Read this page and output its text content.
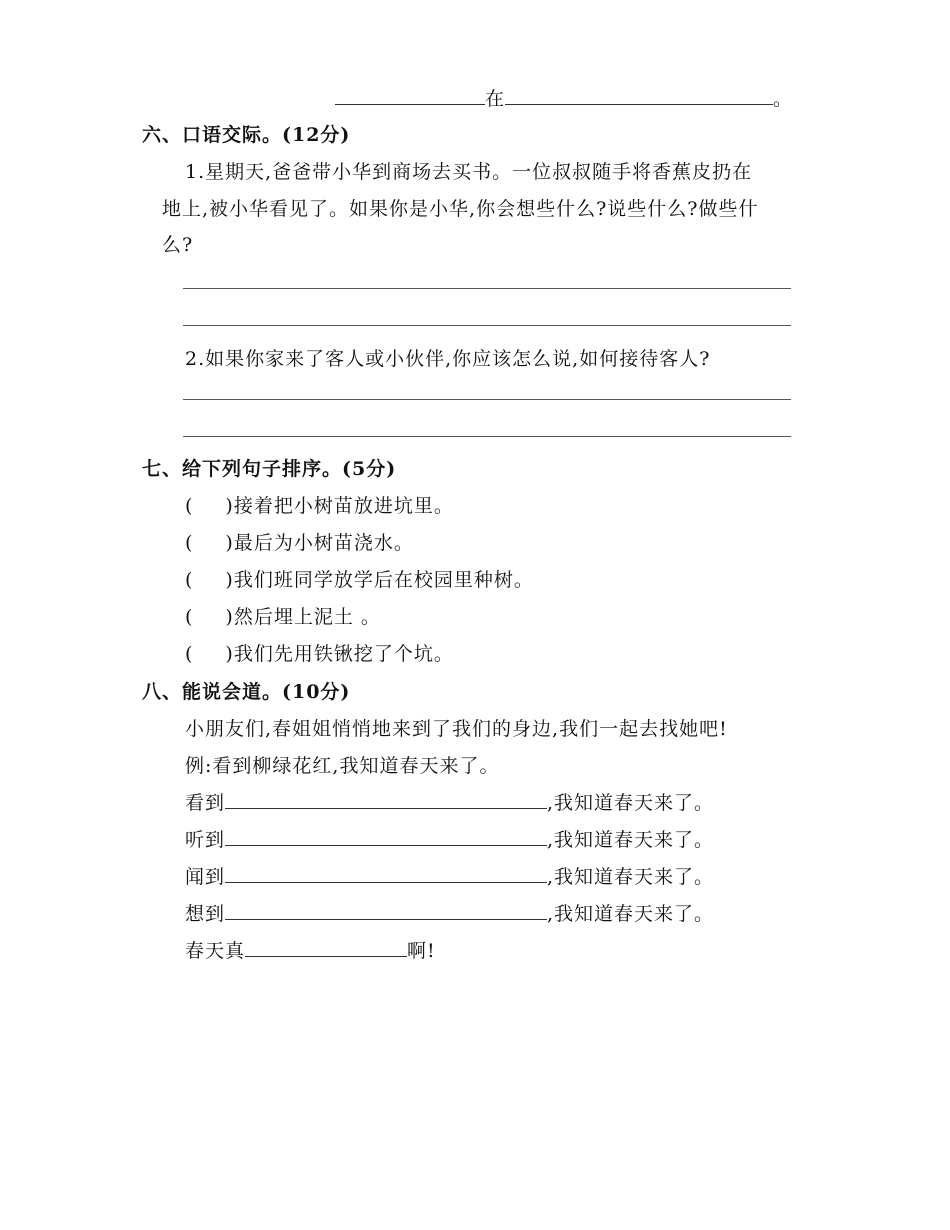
在	。
六、口语交际。(12分)
1.星期天,爸爸带小华到商场去买书。一位叔叔随手将香蕉皮扔在
地上,被小华看见了。如果你是小华,你会想些什么?说些什么?做些什
么?
2.如果你家来了客人或小伙伴,你应该怎么说,如何接待客人?
七、给下列句子排序。(5分)
( )接着把小树苗放进坑里。
( )最后为小树苗浇水。
( )我们班同学放学后在校园里种树。
( )然后埋上泥土 。
( )我们先用铁锹挖了个坑。
八、能说会道。(10分)
小朋友们,春姐姐悄悄地来到了我们的身边,我们一起去找她吧!
例:看到柳绿花红,我知道春天来了。
看到	,我知道春天来了。
听到	,我知道春天来了。
闻到	,我知道春天来了。
想到	,我知道春天来了。
春天真	啊!
